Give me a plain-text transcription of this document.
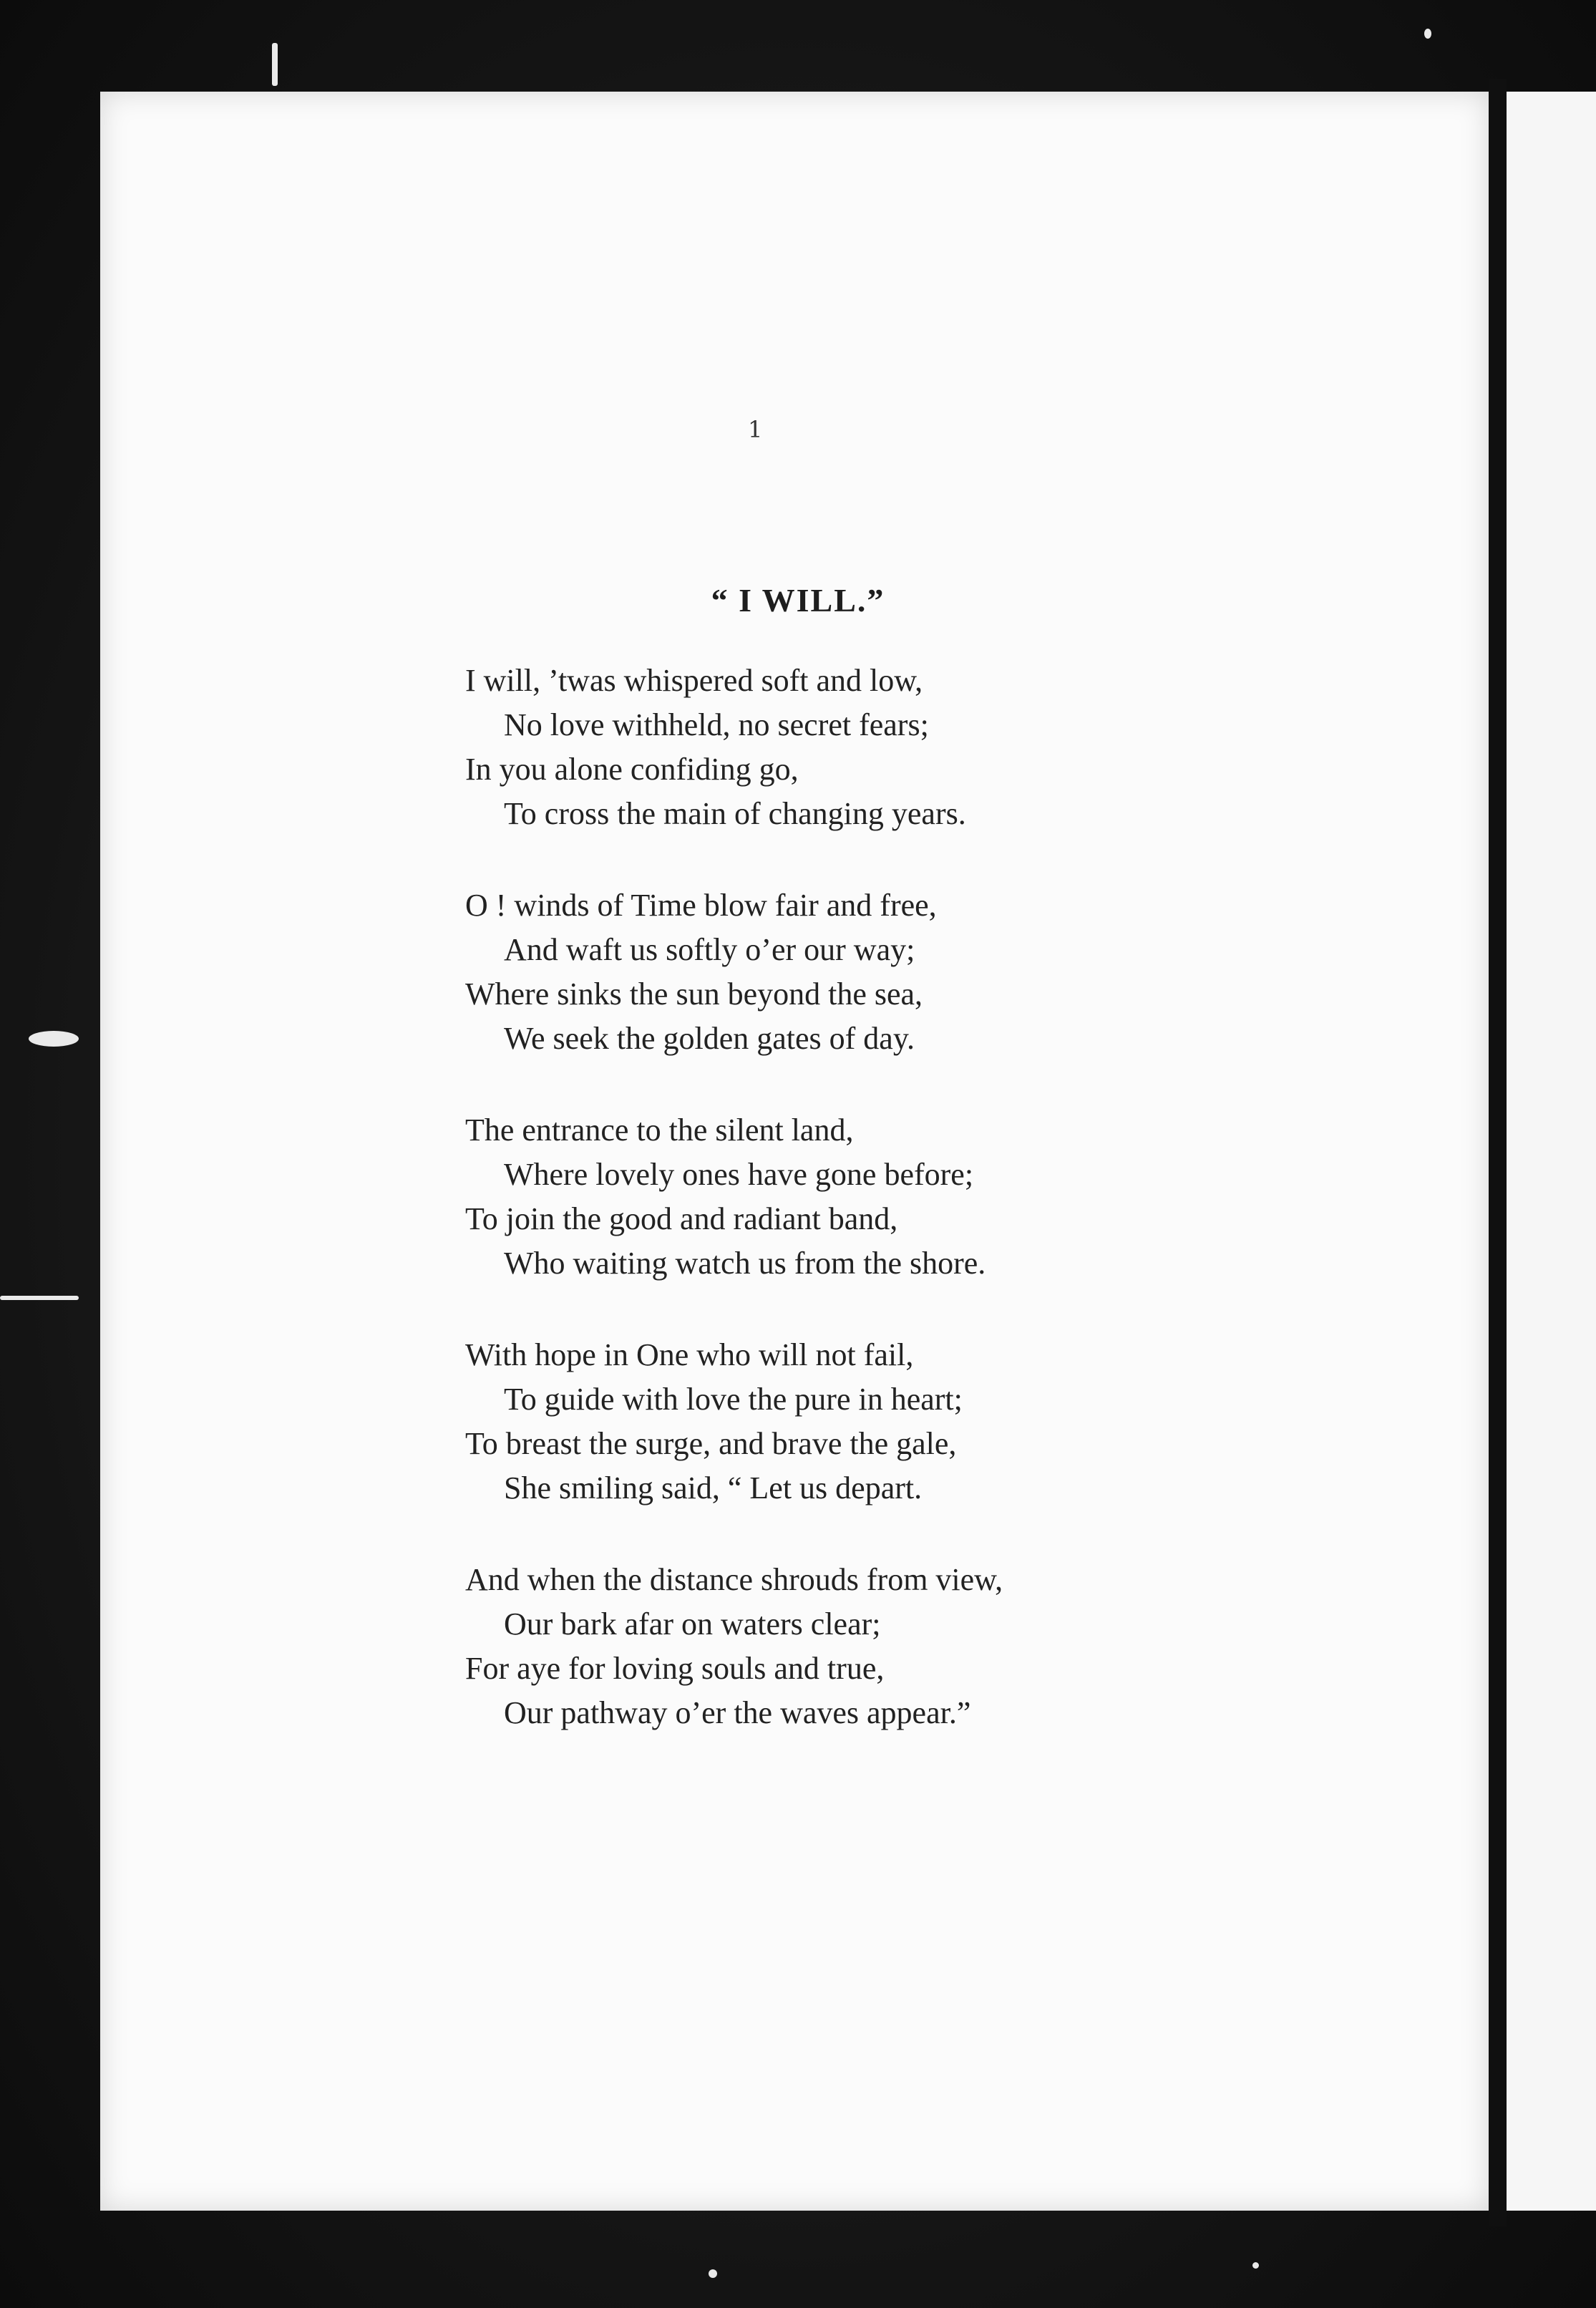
1
“ I WILL.”
I will, ’twas whispered soft and low,
No love withheld, no secret fears;
In you alone confiding go,
To cross the main of changing years.
O ! winds of Time blow fair and free,
And waft us softly o’er our way;
Where sinks the sun beyond the sea,
We seek the golden gates of day.
The entrance to the silent land,
Where lovely ones have gone before;
To join the good and radiant band,
Who waiting watch us from the shore.
With hope in One who will not fail,
To guide with love the pure in heart;
To breast the surge, and brave the gale,
She smiling said, “ Let us depart.
And when the distance shrouds from view,
Our bark afar on waters clear;
For aye for loving souls and true,
Our pathway o’er the waves appear.”
